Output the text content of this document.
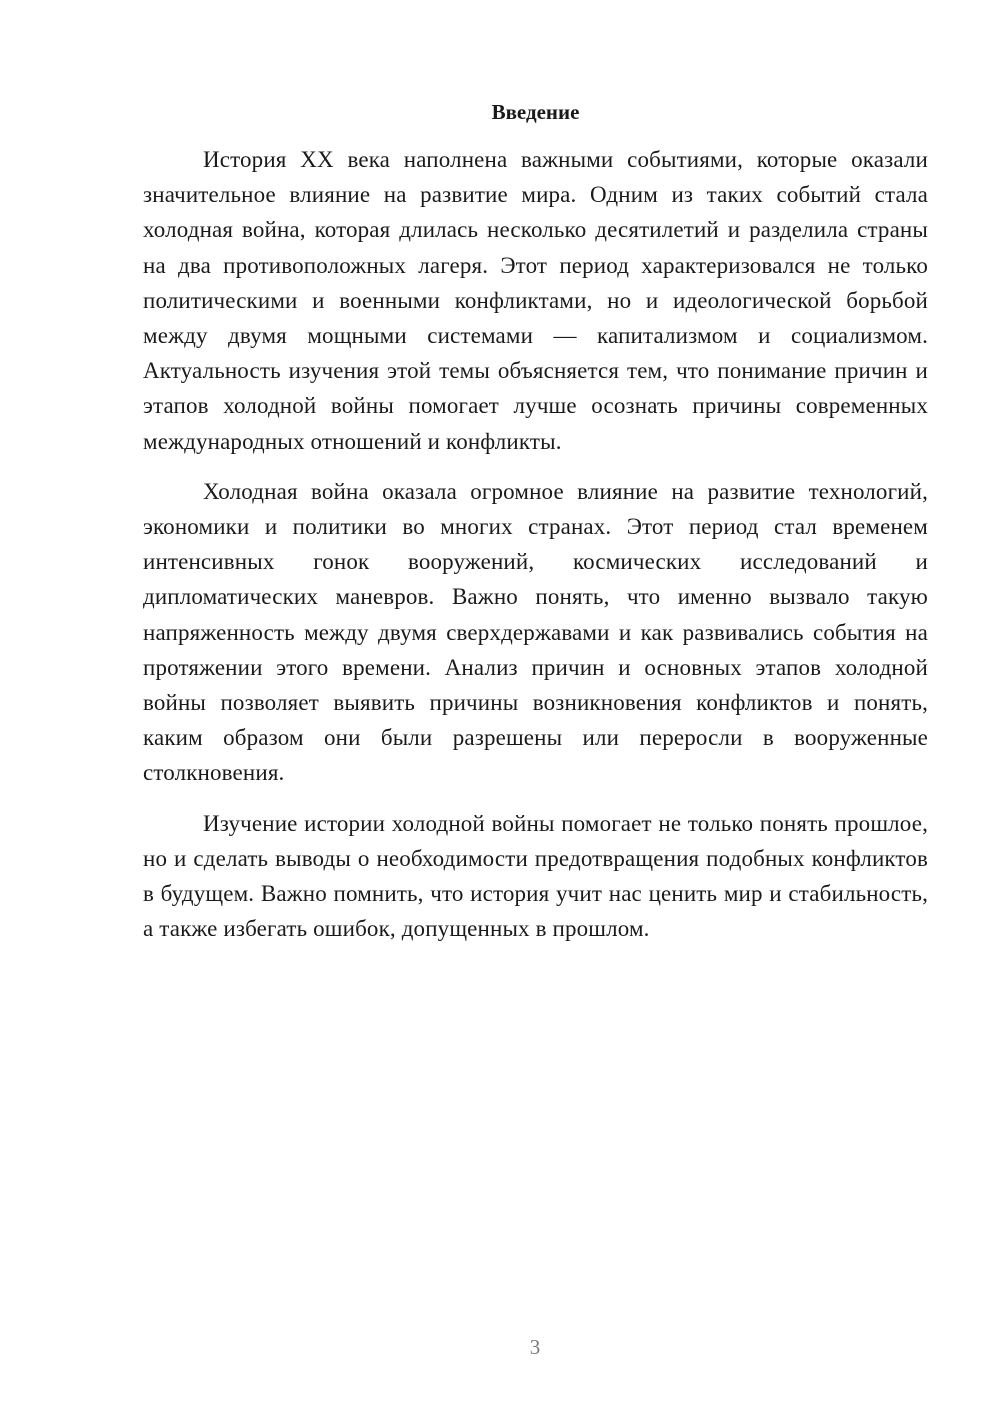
Введение

История XX века наполнена важными событиями, которые оказали значительное влияние на развитие мира. Одним из таких событий стала холодная война, которая длилась несколько десятилетий и разделила страны на два противоположных лагеря. Этот период характеризовался не только политическими и военными конфликтами, но и идеологической борьбой между двумя мощными системами — капитализмом и социализмом. Актуальность изучения этой темы объясняется тем, что понимание причин и этапов холодной войны помогает лучше осознать причины современных международных отношений и конфликты.

Холодная война оказала огромное влияние на развитие технологий, экономики и политики во многих странах. Этот период стал временем интенсивных гонок вооружений, космических исследований и дипломатических маневров. Важно понять, что именно вызвало такую напряженность между двумя сверхдержавами и как развивались события на протяжении этого времени. Анализ причин и основных этапов холодной войны позволяет выявить причины возникновения конфликтов и понять, каким образом они были разрешены или переросли в вооруженные столкновения.

Изучение истории холодной войны помогает не только понять прошлое, но и сделать выводы о необходимости предотвращения подобных конфликтов в будущем. Важно помнить, что история учит нас ценить мир и стабильность, а также избегать ошибок, допущенных в прошлом.

3
